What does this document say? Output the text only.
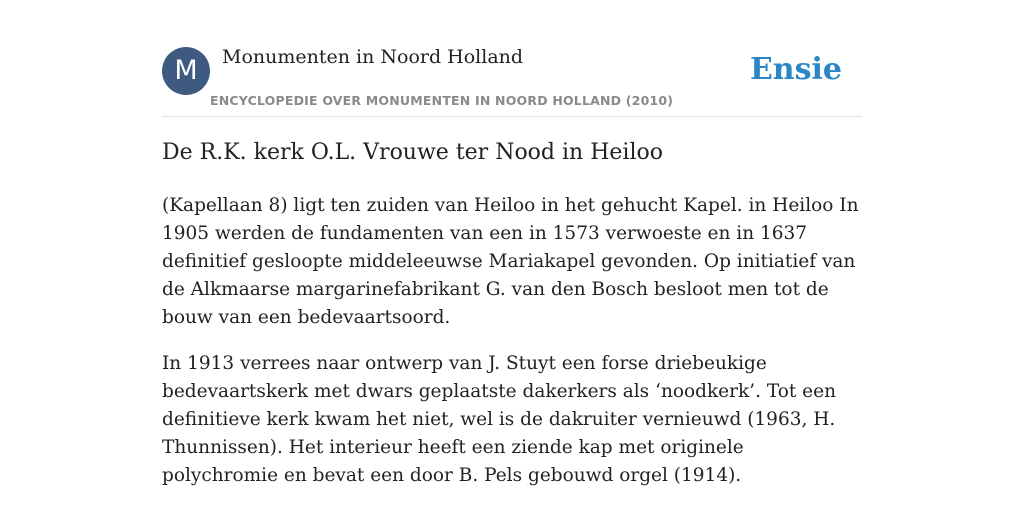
M	Monumenten in Noord Holland
ENCYCLOPEDIE OVER MONUMENTEN IN NOORD HOLLAND (2010)
Ensie
De R.K. kerk O.L. Vrouwe ter Nood in Heiloo

(Kapellaan 8) ligt ten zuiden van Heiloo in het gehucht Kapel. in Heiloo In 1905 werden de fundamenten van een in 1573 verwoeste en in 1637 definitief gesloopte middeleeuwse Mariakapel gevonden. Op initiatief van de Alkmaarse margarinefabrikant G. van den Bosch besloot men tot de bouw van een bedevaartsoord.

In 1913 verrees naar ontwerp van J. Stuyt een forse driebeukige bedevaartskerk met dwars geplaatste dakerkers als ‘noodkerk’. Tot een definitieve kerk kwam het niet, wel is de dakruiter vernieuwd (1963, H. Thunnissen). Het interieur heeft een ziende kap met originele polychromie en bevat een door B. Pels gebouwd orgel (1914).
